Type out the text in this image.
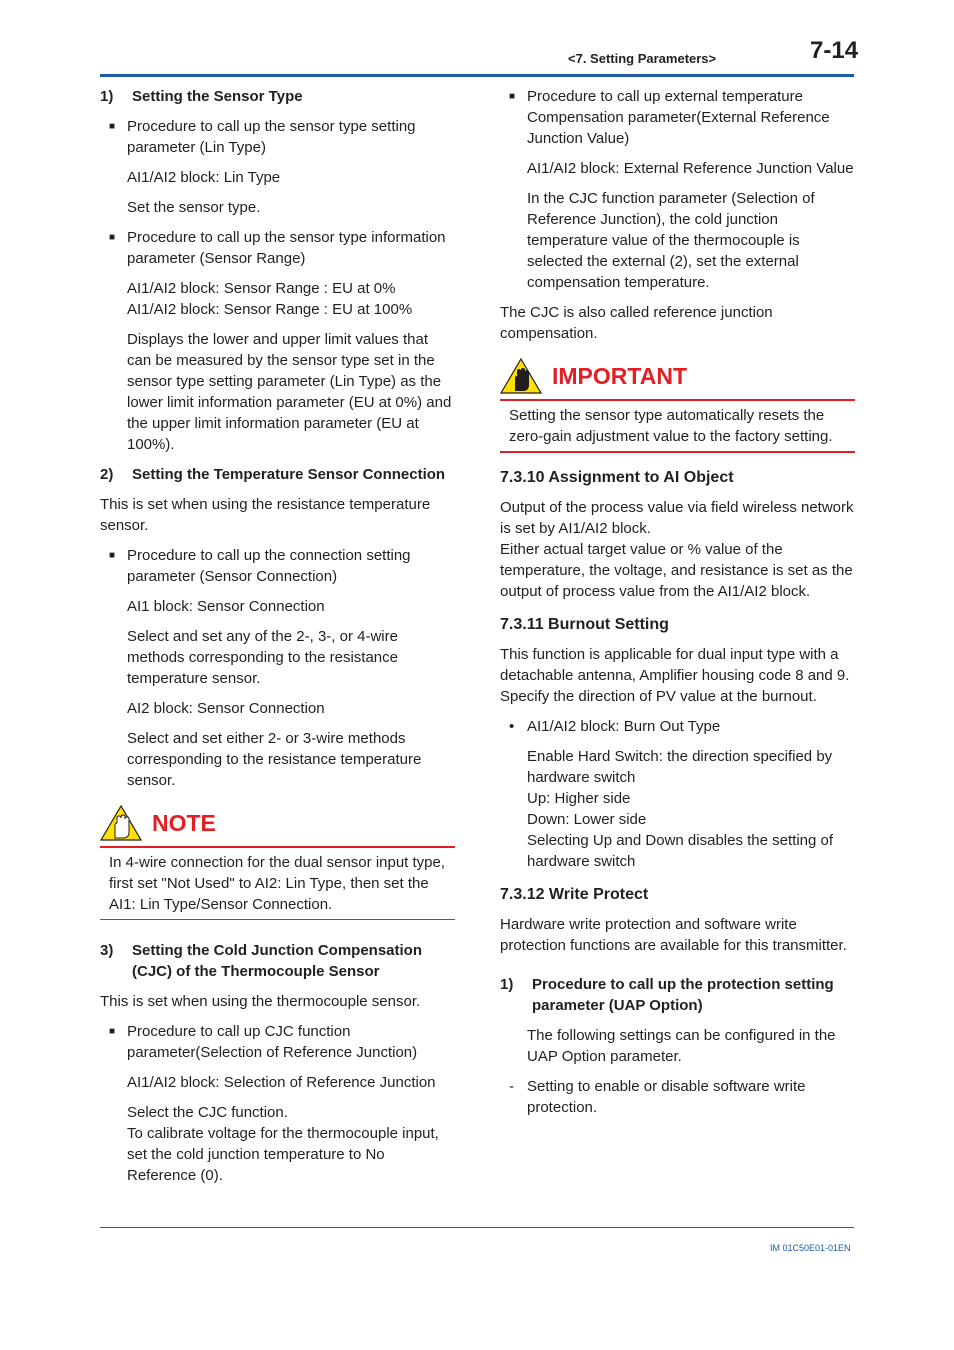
<7. Setting Parameters>	7-14
1)	Setting the Sensor Type
■ Procedure to call up the sensor type setting parameter (Lin Type)

AI1/AI2 block: Lin Type

Set the sensor type.

■ Procedure to call up the sensor type information parameter (Sensor Range)

AI1/AI2 block: Sensor Range : EU at 0%
AI1/AI2 block: Sensor Range : EU at 100%

Displays the lower and upper limit values that can be measured by the sensor type set in the sensor type setting parameter (Lin Type) as the lower limit information parameter (EU at 0%) and the upper limit information parameter (EU at 100%).

2)	Setting the Temperature Sensor Connection

This is set when using the resistance temperature sensor.

■ Procedure to call up the connection setting parameter (Sensor Connection)

AI1 block: Sensor Connection

Select and set any of the 2-, 3-, or 4-wire methods corresponding to the resistance temperature sensor.

AI2 block: Sensor Connection

Select and set either 2- or 3-wire methods corresponding to the resistance temperature sensor.

NOTE
In 4-wire connection for the dual sensor input type, first set "Not Used" to AI2: Lin Type, then set the AI1: Lin Type/Sensor Connection.
3)	Setting the Cold Junction Compensation (CJC) of the Thermocouple Sensor

This is set when using the thermocouple sensor.

■ Procedure to call up CJC function parameter(Selection of Reference Junction)

AI1/AI2 block: Selection of Reference Junction

Select the CJC function.
To calibrate voltage for the thermocouple input, set the cold junction temperature to No Reference (0).

■ Procedure to call up external temperature Compensation parameter(External Reference Junction Value)

AI1/AI2 block: External Reference Junction Value

In the CJC function parameter (Selection of Reference Junction), the cold junction temperature value of the thermocouple is selected the external (2), set the external compensation temperature.

The CJC is also called reference junction compensation.

IMPORTANT
Setting the sensor type automatically resets the zero-gain adjustment value to the factory setting.

7.3.10 Assignment to AI Object

Output of the process value via field wireless network is set by AI1/AI2 block.
Either actual target value or % value of the temperature, the voltage, and resistance is set as the output of process value from the AI1/AI2 block.

7.3.11 Burnout Setting

This function is applicable for dual input type with a detachable antenna, Amplifier housing code 8 and 9. Specify the direction of PV value at the burnout.

• AI1/AI2 block: Burn Out Type

Enable Hard Switch: the direction specified by hardware switch
Up: Higher side
Down: Lower side
Selecting Up and Down disables the setting of hardware switch

7.3.12 Write Protect

Hardware write protection and software write protection functions are available for this transmitter.

1)	Procedure to call up the protection setting parameter (UAP Option)

The following settings can be configured in the UAP Option parameter.

- Setting to enable or disable software write protection.
IM 01C50E01-01EN
